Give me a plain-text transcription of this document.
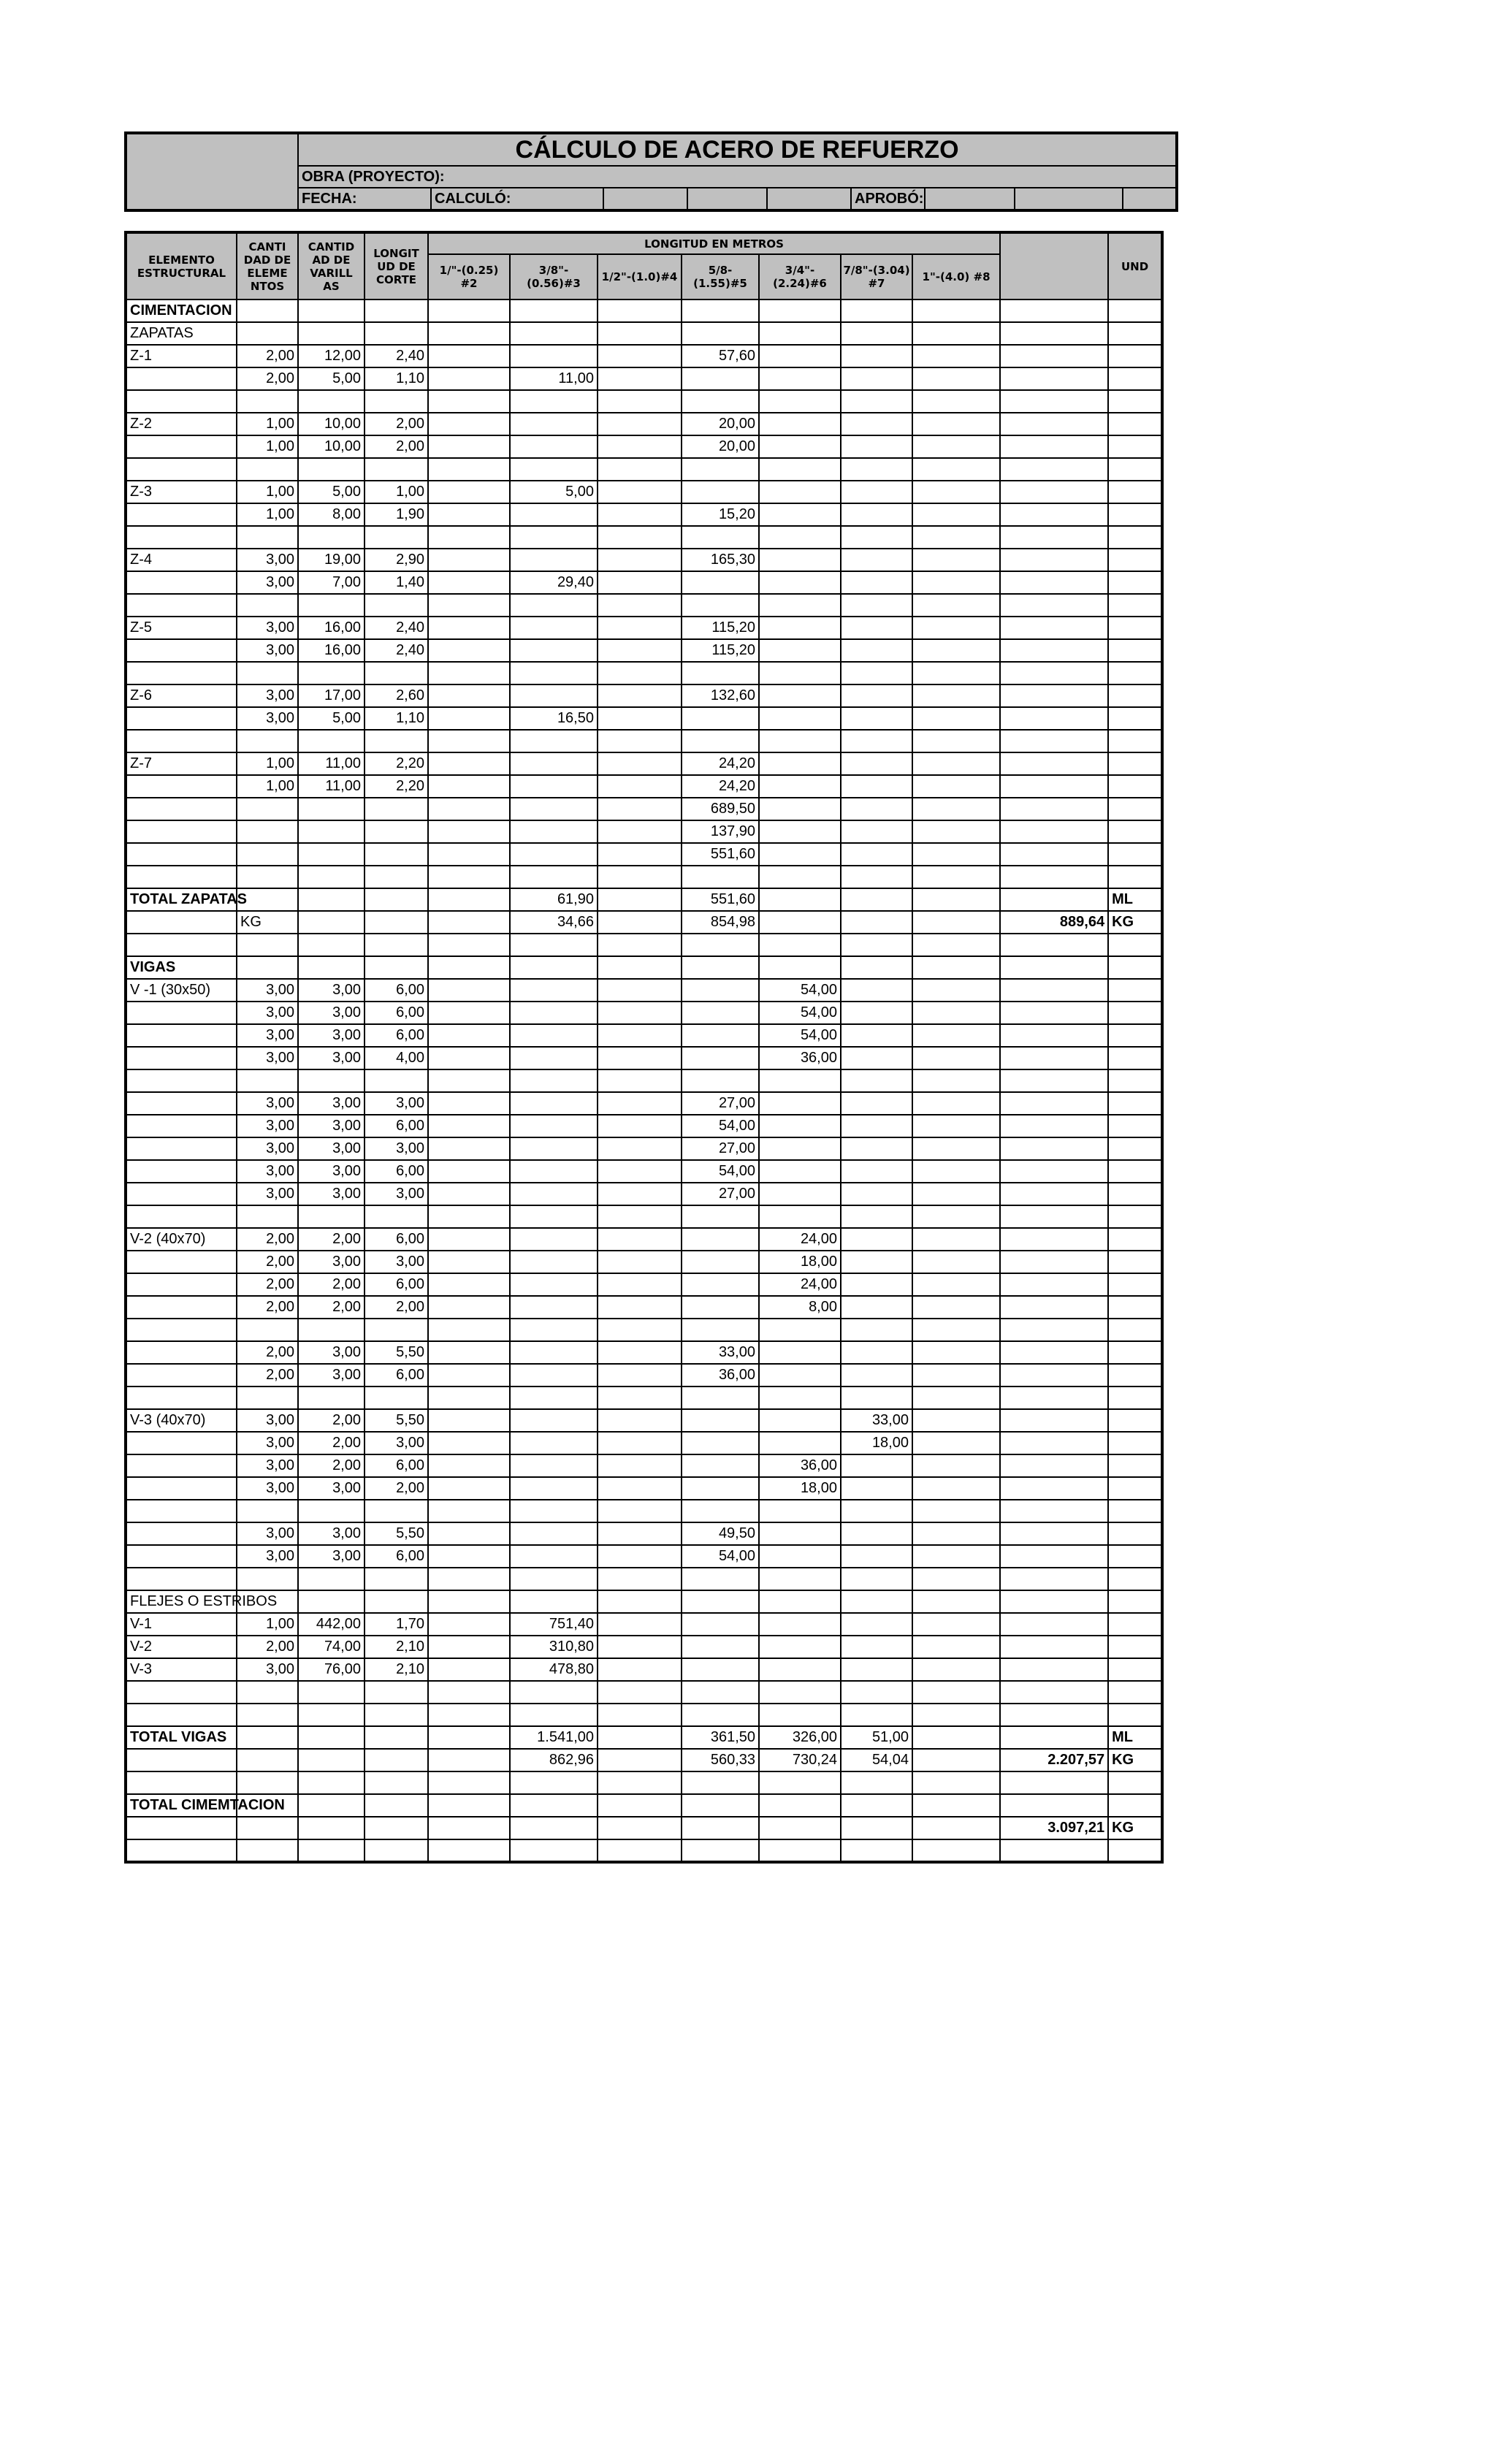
	CÁLCULO DE ACERO DE REFUERZO								
	OBRA (PROYECTO):								
	FECHA:	CALCULÓ:				APROBÓ:			
ELEMENTO ESTRUCTURAL	CANTI DAD DE ELEME NTOS	CANTID AD DE VARILL AS	LONGIT UD DE CORTE	LONGITUD EN METROS								UND
				1/"-(0.25) #2	3/8"-(0.56)#3	1/2"-(1.0)#4	5/8-(1.55)#5	3/4"-(2.24)#6	7/8"-(3.04) #7	1"-(4.0) #8		
CIMENTACION												
ZAPATAS												
Z-1	2,00	12,00	2,40				57,60					
	2,00	5,00	1,10		11,00							

Z-2	1,00	10,00	2,00				20,00					
	1,00	10,00	2,00				20,00					

Z-3	1,00	5,00	1,00		5,00							
	1,00	8,00	1,90				15,20					

Z-4	3,00	19,00	2,90				165,30					
	3,00	7,00	1,40		29,40							

Z-5	3,00	16,00	2,40				115,20					
	3,00	16,00	2,40				115,20					

Z-6	3,00	17,00	2,60				132,60					
	3,00	5,00	1,10		16,50							

Z-7	1,00	11,00	2,20				24,20					
	1,00	11,00	2,20				24,20					
							689,50					
							137,90					
							551,60					

TOTAL ZAPATAS					61,90		551,60					ML
	KG				34,66		854,98				889,64	KG

VIGAS												
V -1 (30x50)	3,00	3,00	6,00					54,00				
	3,00	3,00	6,00					54,00				
	3,00	3,00	6,00					54,00				
	3,00	3,00	4,00					36,00				

	3,00	3,00	3,00				27,00					
	3,00	3,00	6,00				54,00					
	3,00	3,00	3,00				27,00					
	3,00	3,00	6,00				54,00					
	3,00	3,00	3,00				27,00					

V-2 (40x70)	2,00	2,00	6,00					24,00				
	2,00	3,00	3,00					18,00				
	2,00	2,00	6,00					24,00				
	2,00	2,00	2,00					8,00				

	2,00	3,00	5,50				33,00					
	2,00	3,00	6,00				36,00					

V-3 (40x70)	3,00	2,00	5,50						33,00			
	3,00	2,00	3,00						18,00			
	3,00	2,00	6,00					36,00				
	3,00	3,00	2,00					18,00				

	3,00	3,00	5,50				49,50					
	3,00	3,00	6,00				54,00					

FLEJES O ESTRIBOS												
V-1	1,00	442,00	1,70		751,40							
V-2	2,00	74,00	2,10		310,80							
V-3	3,00	76,00	2,10		478,80							

TOTAL VIGAS					1.541,00		361,50	326,00	51,00			ML
					862,96		560,33	730,24	54,04		2.207,57	KG

TOTAL CIMEMTACION												
											3.097,21	KG
